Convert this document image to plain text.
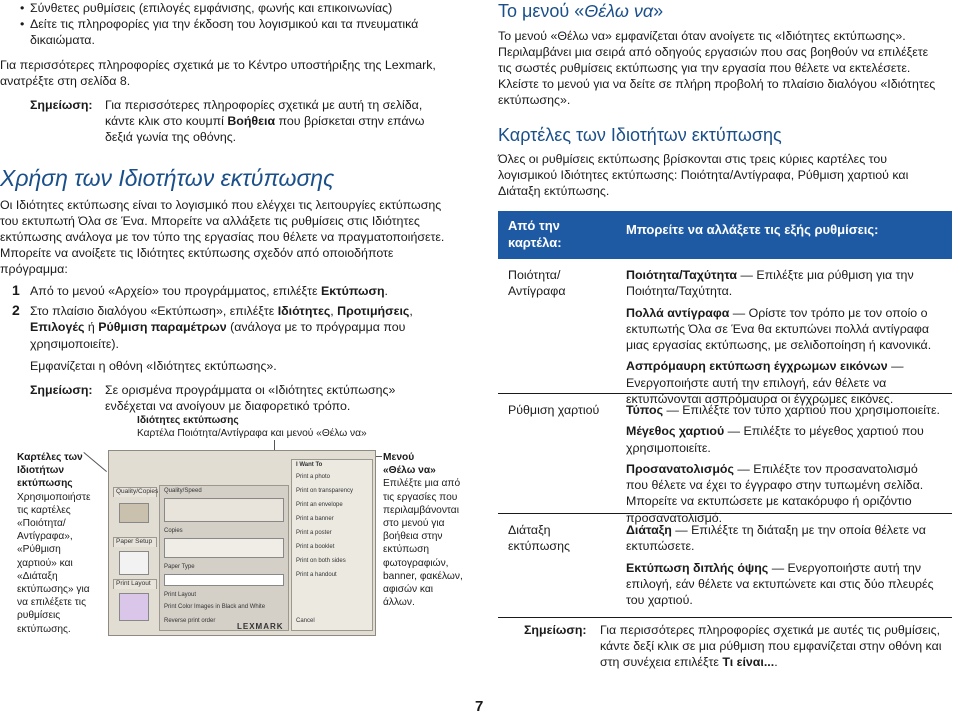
• Σύνθετες ρυθμίσεις (επιλογές εμφάνισης, φωνής και επικοινωνίας)
• Δείτε τις πληροφορίες για την έκδοση του λογισμικού και τα πνευματικά
δικαιώματα.
Για περισσότερες πληροφορίες σχετικά με το Κέντρο υποστήριξης της Lexmark,
ανατρέξτε στη σελίδα 8.
Σημείωση: Για περισσότερες πληροφορίες σχετικά με αυτή τη σελίδα,
κάντε κλικ στο κουμπί Βοήθεια που βρίσκεται στην επάνω
δεξιά γωνία της οθόνης.
Χρήση των Ιδιοτήτων εκτύπωσης
Οι Ιδιότητες εκτύπωσης είναι το λογισμικό που ελέγχει τις λειτουργίες εκτύπωσης
του εκτυπωτή Όλα σε Ένα. Μπορείτε να αλλάξετε τις ρυθμίσεις στις Ιδιότητες
εκτύπωσης ανάλογα με τον τύπο της εργασίας που θέλετε να πραγματοποιήσετε.
Μπορείτε να ανοίξετε τις Ιδιότητες εκτύπωσης σχεδόν από οποιοδήποτε
πρόγραμμα:
1 Από το μενού «Αρχείο» του προγράμματος, επιλέξτε Εκτύπωση.
2 Στο πλαίσιο διαλόγου «Εκτύπωση», επιλέξτε Ιδιότητες, Προτιμήσεις,
Επιλογές ή Ρύθμιση παραμέτρων (ανάλογα με το πρόγραμμα που
χρησιμοποιείτε).
Εμφανίζεται η οθόνη «Ιδιότητες εκτύπωσης».
Σημείωση: Σε ορισμένα προγράμματα οι «Ιδιότητες εκτύπωσης»
ενδέχεται να ανοίγουν με διαφορετικό τρόπο.
Ιδιότητες εκτύπωσης
Καρτέλα Ποιότητα/Αντίγραφα και μενού «Θέλω να»
Καρτέλες των
Ιδιοτήτων
εκτύπωσης
Χρησιμοποιήστε
τις καρτέλες
«Ποιότητα/
Αντίγραφα»,
«Ρύθμιση
χαρτιού» και
«Διάταξη
εκτύπωσης» για
να επιλέξετε τις
ρυθμίσεις
εκτύπωσης.
Μενού
«Θέλω να»
Επιλέξτε μια από
τις εργασίες που
περιλαμβάνονται
στο μενού για
βοήθεια στην
εκτύπωση
φωτογραφιών,
banner, φακέλων,
αφισών και
άλλων.
Quality/Copies
Paper Setup
Print Layout
Quality/Speed
Copies
Paper Type
Print Layout
Print Color Images in Black and White
Reverse print order
I Want To
Print a photo
Print on transparency
Print an envelope
Print a banner
Print a poster
Print a booklet
Print on both sides
Print a handout
Cancel
LEXMARK
Το μενού «Θέλω να»
Το μενού «Θέλω να» εμφανίζεται όταν ανοίγετε τις «Ιδιότητες εκτύπωσης».
Περιλαμβάνει μια σειρά από οδηγούς εργασιών που σας βοηθούν να επιλέξετε
τις σωστές ρυθμίσεις εκτύπωσης για την εργασία που θέλετε να εκτελέσετε.
Κλείστε το μενού για να δείτε σε πλήρη προβολή το πλαίσιο διαλόγου «Ιδιότητες
εκτύπωσης».
Καρτέλες των Ιδιοτήτων εκτύπωσης
Όλες οι ρυθμίσεις εκτύπωσης βρίσκονται στις τρεις κύριες καρτέλες του
λογισμικού Ιδιότητες εκτύπωσης: Ποιότητα/Αντίγραφα, Ρύθμιση χαρτιού και
Διάταξη εκτύπωσης.
Από την
καρτέλα:
Μπορείτε να αλλάξετε τις εξής ρυθμίσεις:
Ποιότητα/
Αντίγραφα
Ποιότητα/Ταχύτητα — Επιλέξτε μια ρύθμιση για την
Ποιότητα/Ταχύτητα.
Πολλά αντίγραφα — Ορίστε τον τρόπο με τον οποίο ο
εκτυπωτής Όλα σε Ένα θα εκτυπώνει πολλά αντίγραφα
μιας εργασίας εκτύπωσης, με σελιδοποίηση ή κανονικά.
Ασπρόμαυρη εκτύπωση έγχρωμων εικόνων —
Ενεργοποιήστε αυτή την επιλογή, εάν θέλετε να
εκτυπώνονται ασπρόμαυρα οι έγχρωμες εικόνες.
Ρύθμιση χαρτιού Τύπος — Επιλέξτε τον τύπο χαρτιού που χρησιμοποιείτε.
Μέγεθος χαρτιού — Επιλέξτε το μέγεθος χαρτιού που
χρησιμοποιείτε.
Προσανατολισμός — Επιλέξτε τον προσανατολισμό
που θέλετε να έχει το έγγραφο στην τυπωμένη σελίδα.
Μπορείτε να εκτυπώσετε με κατακόρυφο ή οριζόντιο
προσανατολισμό.
Διάταξη
εκτύπωσης
Διάταξη — Επιλέξτε τη διάταξη με την οποία θέλετε να
εκτυπώσετε.
Εκτύπωση διπλής όψης — Ενεργοποιήστε αυτή την
επιλογή, εάν θέλετε να εκτυπώνετε και στις δύο πλευρές
του χαρτιού.
Σημείωση: Για περισσότερες πληροφορίες σχετικά με αυτές τις ρυθμίσεις,
κάντε δεξί κλικ σε μια ρύθμιση που εμφανίζεται στην οθόνη και
στη συνέχεια επιλέξτε Τι είναι....
7
